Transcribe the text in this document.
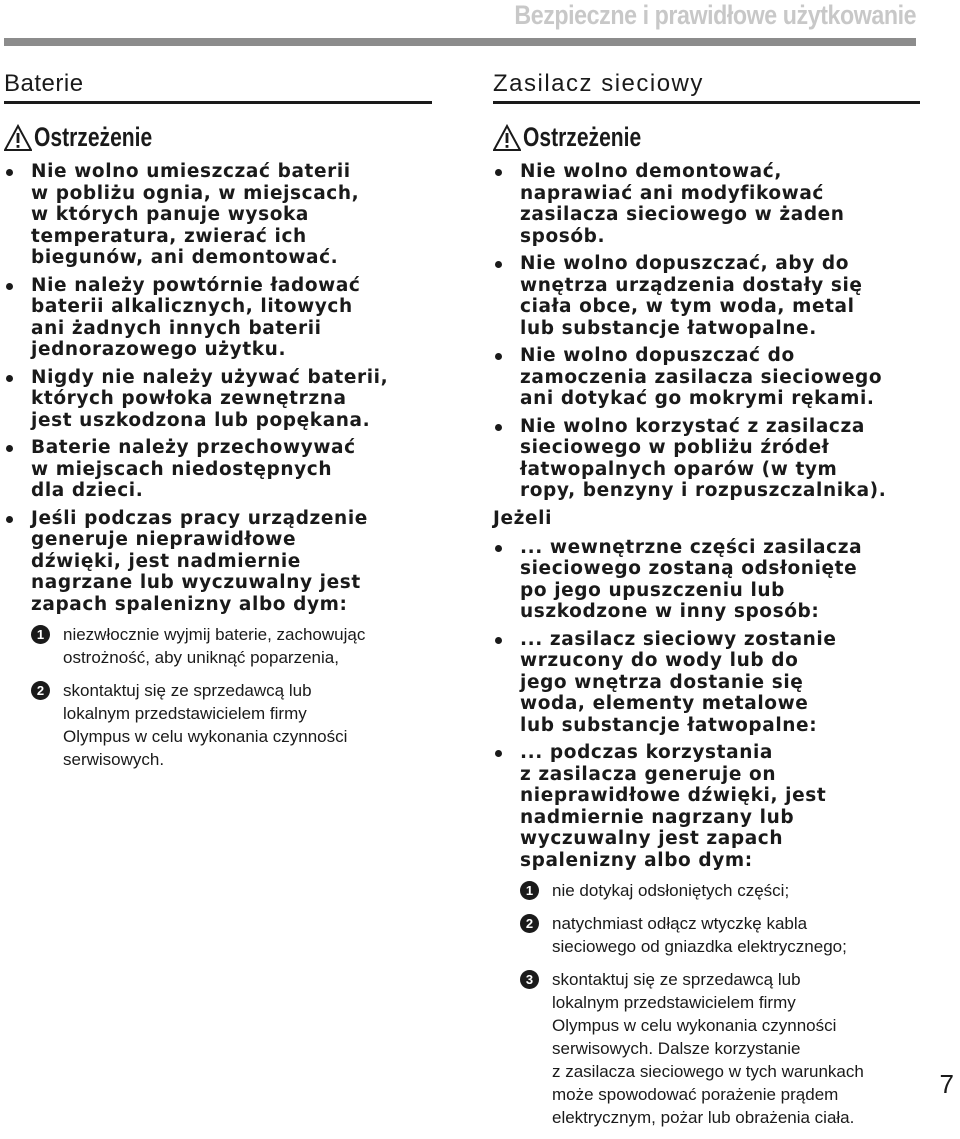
Bezpieczne i prawidłowe użytkowanie
Baterie
Ostrzeżenie
Nie wolno umieszczać baterii
w pobliżu ognia, w miejscach,
w których panuje wysoka
temperatura, zwierać ich
biegunów, ani demontować.
Nie należy powtórnie ładować
baterii alkalicznych, litowych
ani żadnych innych baterii
jednorazowego użytku.
Nigdy nie należy używać baterii,
których powłoka zewnętrzna
jest uszkodzona lub popękana.
Baterie należy przechowywać
w miejscach niedostępnych
dla dzieci.
Jeśli podczas pracy urządzenie
generuje nieprawidłowe
dźwięki, jest nadmiernie
nagrzane lub wyczuwalny jest
zapach spalenizny albo dym:
1	niezwłocznie wyjmij baterie, zachowując
ostrożność, aby uniknąć poparzenia,
2	skontaktuj się ze sprzedawcą lub
lokalnym przedstawicielem firmy
Olympus w celu wykonania czynności
serwisowych.
Zasilacz sieciowy
Ostrzeżenie
Nie wolno demontować,
naprawiać ani modyfikować
zasilacza sieciowego w żaden
sposób.
Nie wolno dopuszczać, aby do
wnętrza urządzenia dostały się
ciała obce, w tym woda, metal
lub substancje łatwopalne.
Nie wolno dopuszczać do
zamoczenia zasilacza sieciowego
ani dotykać go mokrymi rękami.
Nie wolno korzystać z zasilacza
sieciowego w pobliżu źródeł
łatwopalnych oparów (w tym
ropy, benzyny i rozpuszczalnika).
Jeżeli
... wewnętrzne części zasilacza
sieciowego zostaną odsłonięte
po jego upuszczeniu lub
uszkodzone w inny sposób:
... zasilacz sieciowy zostanie
wrzucony do wody lub do
jego wnętrza dostanie się
woda, elementy metalowe
lub substancje łatwopalne:
... podczas korzystania
z zasilacza generuje on
nieprawidłowe dźwięki, jest
nadmiernie nagrzany lub
wyczuwalny jest zapach
spalenizny albo dym:
1	nie dotykaj odsłoniętych części;
2	natychmiast odłącz wtyczkę kabla
sieciowego od gniazdka elektrycznego;
3	skontaktuj się ze sprzedawcą lub
lokalnym przedstawicielem firmy
Olympus w celu wykonania czynności
serwisowych. Dalsze korzystanie
z zasilacza sieciowego w tych warunkach
może spowodować porażenie prądem
elektrycznym, pożar lub obrażenia ciała.
7
